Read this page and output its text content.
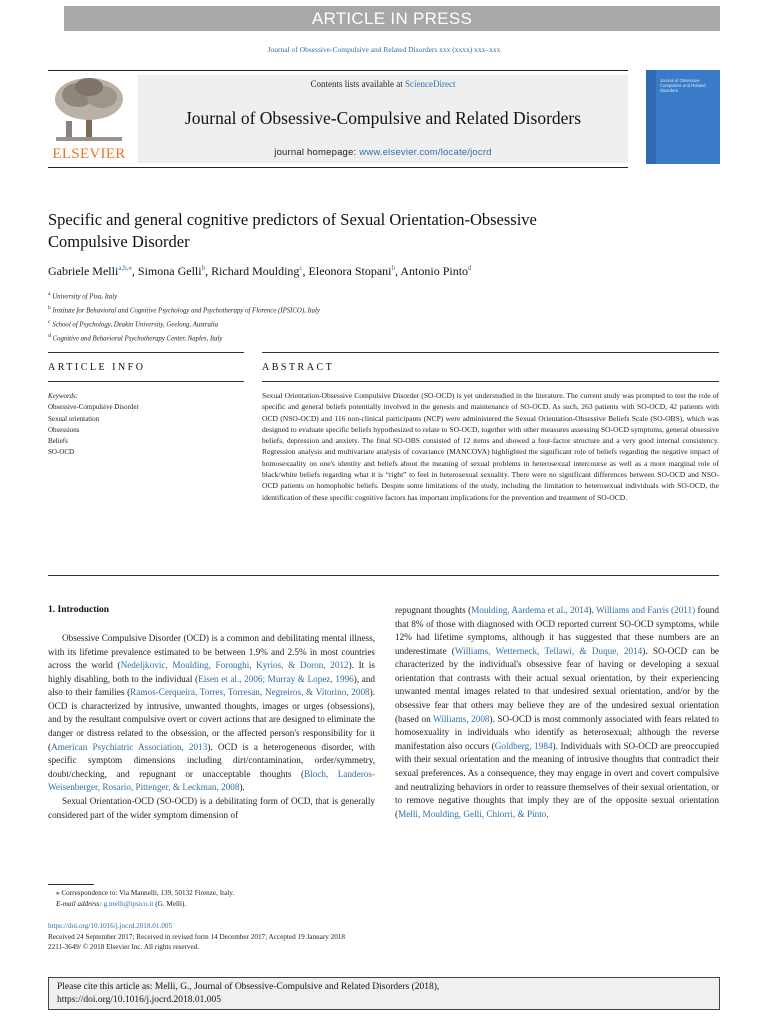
ARTICLE IN PRESS
Journal of Obsessive-Compulsive and Related Disorders xxx (xxxx) xxx–xxx
ELSEVIER
Contents lists available at ScienceDirect
Journal of Obsessive-Compulsive and Related Disorders
journal homepage: www.elsevier.com/locate/jocrd
Journal of Obsessive-Compulsive and Related Disorders
Specific and general cognitive predictors of Sexual Orientation-Obsessive
Compulsive Disorder
Gabriele Melli$^{a,b,⁎}$, Simona Gelli$^b$, Richard Moulding$^c$, Eleonora Stopani$^b$, Antonio Pinto$^d$
$^a$ University of Pisa, Italy
$^b$ Institute for Behavioral and Cognitive Psychology and Psychotherapy of Florence (IPSICO), Italy
$^c$ School of Psychology, Deakin University, Geelong, Australia
$^d$ Cognitive and Behavioral Psychotherapy Center, Naples, Italy
ARTICLE INFO	ABSTRACT
Keywords:
Obsessive-Compulsive Disorder
Sexual orientation
Obsessions
Beliefs
SO-OCD
Sexual Orientation-Obsessive Compulsive Disorder (SO-OCD) is yet understudied in the literature. The current study was prompted to test the role of specific and general beliefs potentially involved in the genesis and maintenance of SO-OCD. As such, 263 patients with SO-OCD, 42 patients with OCD (NSO-OCD) and 116 non-clinical participants (NCP) were administered the Sexual Orientation-Obsessive Beliefs Scale (SO-OBS), which was designed to evaluate specific beliefs hypothesized to relate to SO-OCD, together with other measures assessing SO-OCD symptoms, general obsessive beliefs, depression and anxiety. The final SO-OBS consisted of 12 items and showed a four-factor structure and a very good internal consistency. Regression analysis and multivariate analysis of covariance (MANCOVA) highlighted the significant role of beliefs regarding the negative impact of homosexuality on one's identity and beliefs about the meaning of sexual problems in heterosexual intercourse as well as a more marginal role of black/white beliefs regarding what it is “right” to feel in heterosexual sexuality. There were no significant differences between SO-OCD and NSO-OCD patients on homophobic beliefs. Despite some limitations of the study, including the limitation to heterosexual individuals with SO-OCD, the identification of these specific cognitive factors has important implications for the prevention and treatment of SO-OCD.
1. Introduction

Obsessive Compulsive Disorder (OCD) is a common and debilitating mental illness, with its lifetime prevalence estimated to be between 1.9% and 2.5% in most countries across the world (Nedeljkovic, Moulding, Foroughi, Kyrios, & Doron, 2012). It is highly disabling, both to the individual (Eisen et al., 2006; Murray & Lopez, 1996), and also to their families (Ramos-Cerqueira, Torres, Torresan, Negreiros, & Vitorino, 2008). OCD is characterized by intrusive, unwanted thoughts, images or urges (obsessions), and by the resultant compulsive overt or covert actions that are designed to eliminate the danger or distress related to the obsession, or the affected person's responsibility for it (American Psychiatric Association, 2013). OCD is a heterogeneous disorder, with specific symptom dimensions including dirt/contamination, order/symmetry, doubt/checking, and repugnant or unacceptable thoughts (Bloch, Landeros-Weisenberger, Rosario, Pittenger, & Leckman, 2008).

Sexual Orientation-OCD (SO-OCD) is a debilitating form of OCD, that is generally considered part of the wider symptom dimension of

repugnant thoughts (Moulding, Aardema et al., 2014). Williams and Farris (2011) found that 8% of those with diagnosed with OCD reported current SO-OCD symptoms, while 12% had lifetime symptoms, although it has suggested that these numbers are an underestimate (Williams, Wetterneck, Tellawi, & Duque, 2014). SO-OCD can be characterized by the individual's obsessive fear of having or developing a sexual orientation that contrasts with their actual sexual orientation, by their experiencing unwanted mental images related to that undesired sexual orientation, and/or by the obsessive fear that others may believe they are of the undesired sexual orientation (based on Williams, 2008). SO-OCD is most commonly associated with fears related to homosexuality in individuals who identify as heterosexual; although the reverse manifestation also occurs (Goldberg, 1984). Individuals with SO-OCD are preoccupied with their sexual orientation and the meaning of intrusive thoughts that contradict their sexual preferences. As a consequence, they may engage in overt and covert compulsive and neutralizing behaviors in order to reassure themselves of their sexual orientation, or to remove negative thoughts that imply they are of the opposite sexual orientation (Melli, Moulding, Gelli, Chiorri, & Pinto,

⁎ Correspondence to: Via Mannelli, 139, 50132 Firenze, Italy.
E-mail address: g.melli@ipsico.it (G. Melli).
https://doi.org/10.1016/j.jocrd.2018.01.005
Received 24 September 2017; Received in revised form 14 December 2017; Accepted 19 January 2018
2211-3649/ © 2018 Elsevier Inc. All rights reserved.
Please cite this article as: Melli, G., Journal of Obsessive-Compulsive and Related Disorders (2018),
https://doi.org/10.1016/j.jocrd.2018.01.005
